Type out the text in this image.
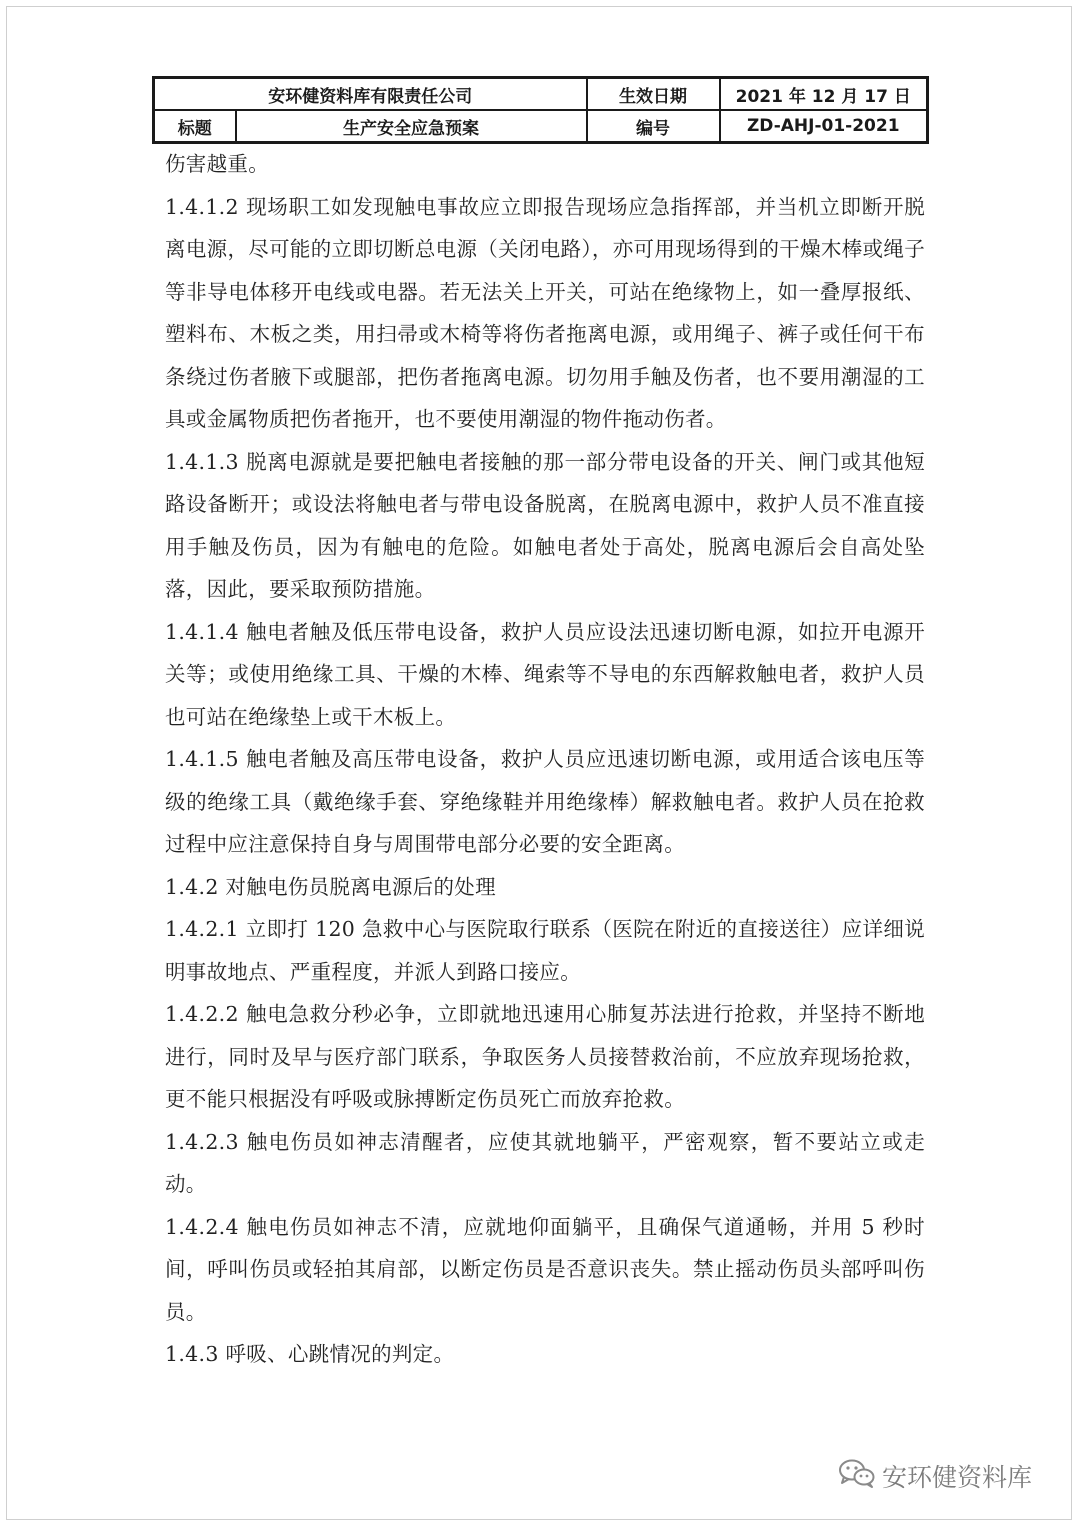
安环健资料库有限责任公司		生效日期	2021 年 12 月 17 日
标题	生产安全应急预案	编号	ZD-AHJ-01-2021

伤害越重。

1.4.1.2 现场职工如发现触电事故应立即报告现场应急指挥部，并当机立即断开脱离电源，尽可能的立即切断总电源（关闭电路），亦可用现场得到的干燥木棒或绳子等非导电体移开电线或电器。若无法关上开关，可站在绝缘物上，如一叠厚报纸、塑料布、木板之类，用扫帚或木椅等将伤者拖离电源，或用绳子、裤子或任何干布条绕过伤者腋下或腿部，把伤者拖离电源。切勿用手触及伤者，也不要用潮湿的工具或金属物质把伤者拖开，也不要使用潮湿的物件拖动伤者。

1.4.1.3 脱离电源就是要把触电者接触的那一部分带电设备的开关、闸门或其他短路设备断开；或设法将触电者与带电设备脱离，在脱离电源中，救护人员不准直接用手触及伤员，因为有触电的危险。如触电者处于高处，脱离电源后会自高处坠落，因此，要采取预防措施。

1.4.1.4 触电者触及低压带电设备，救护人员应设法迅速切断电源，如拉开电源开关等；或使用绝缘工具、干燥的木棒、绳索等不导电的东西解救触电者，救护人员也可站在绝缘垫上或干木板上。

1.4.1.5 触电者触及高压带电设备，救护人员应迅速切断电源，或用适合该电压等级的绝缘工具（戴绝缘手套、穿绝缘鞋并用绝缘棒）解救触电者。救护人员在抢救过程中应注意保持自身与周围带电部分必要的安全距离。

1.4.2 对触电伤员脱离电源后的处理

1.4.2.1 立即打 120 急救中心与医院取行联系（医院在附近的直接送往）应详细说明事故地点、严重程度，并派人到路口接应。

1.4.2.2 触电急救分秒必争，立即就地迅速用心肺复苏法进行抢救，并坚持不断地进行，同时及早与医疗部门联系，争取医务人员接替救治前，不应放弃现场抢救，更不能只根据没有呼吸或脉搏断定伤员死亡而放弃抢救。

1.4.2.3 触电伤员如神志清醒者，应使其就地躺平，严密观察，暂不要站立或走动。

1.4.2.4 触电伤员如神志不清，应就地仰面躺平，且确保气道通畅，并用 5 秒时间，呼叫伤员或轻拍其肩部，以断定伤员是否意识丧失。禁止摇动伤员头部呼叫伤员。

1.4.3 呼吸、心跳情况的判定。

安环健资料库
